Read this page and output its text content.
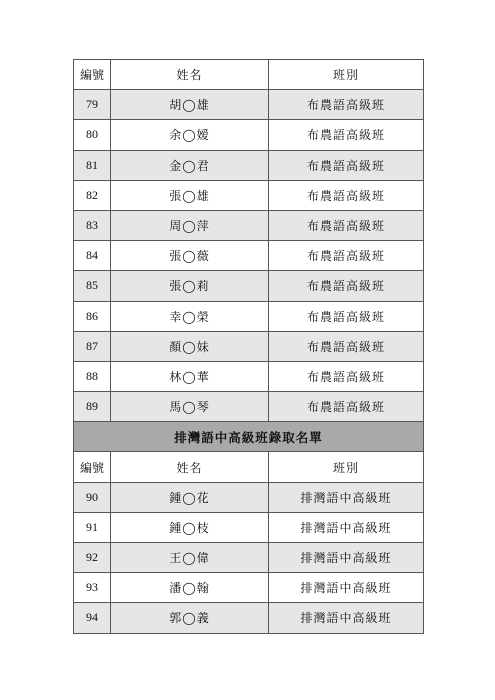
編號	姓名	班別
79	胡◯雄	布農語高級班
80	余◯嫒	布農語高級班
81	金◯君	布農語高級班
82	張◯雄	布農語高級班
83	周◯萍	布農語高級班
84	張◯薇	布農語高級班
85	張◯莉	布農語高級班
86	幸◯榮	布農語高級班
87	顏◯妹	布農語高級班
88	林◯華	布農語高級班
89	馬◯琴	布農語高級班
排灣語中高級班錄取名單		
編號	姓名	班別
90	鍾◯花	排灣語中高級班
91	鍾◯枝	排灣語中高級班
92	王◯偉	排灣語中高級班
93	潘◯翰	排灣語中高級班
94	郭◯義	排灣語中高級班
